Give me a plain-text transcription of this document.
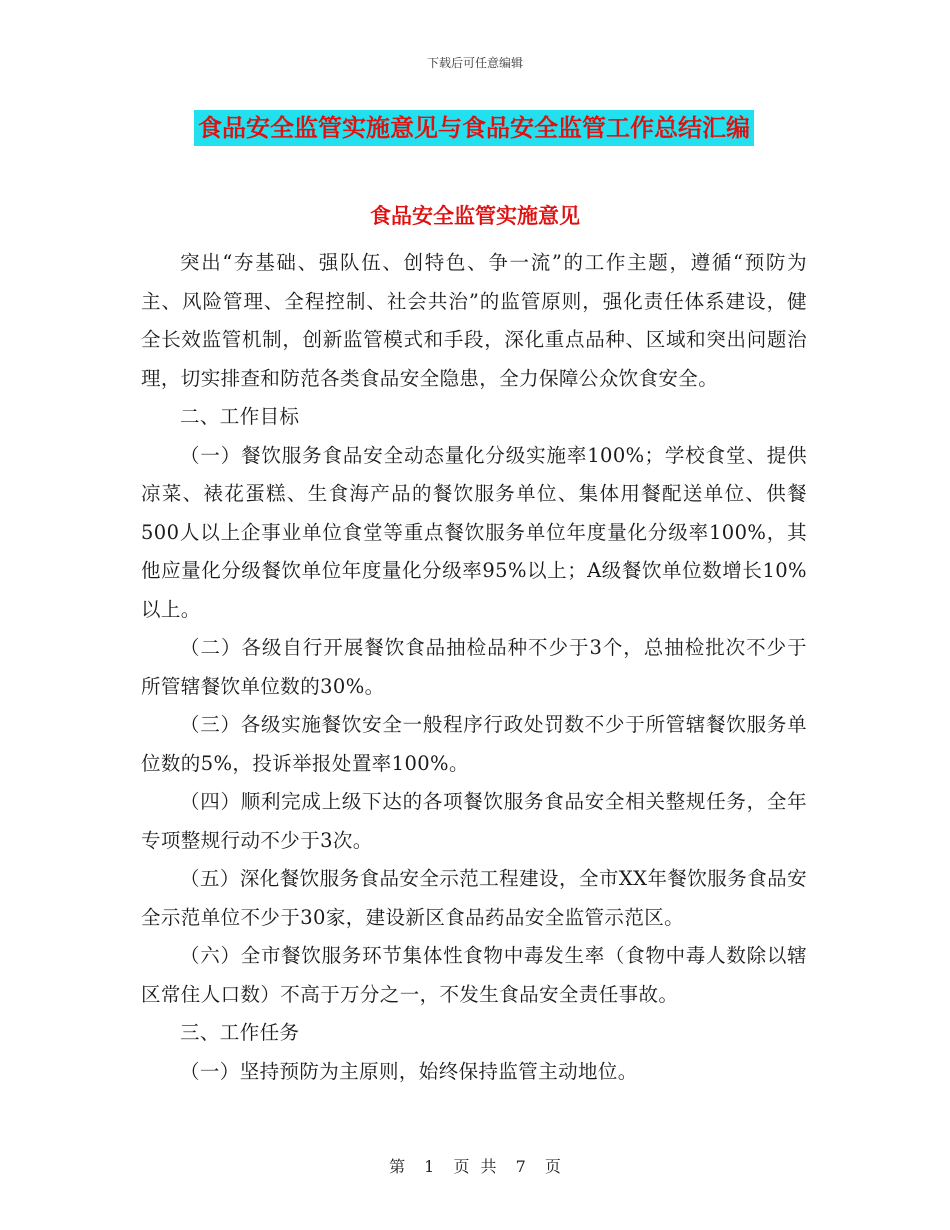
下载后可任意编辑
食品安全监管实施意见与食品安全监管工作总结汇编
食品安全监管实施意见

突出“夯基础、强队伍、创特色、争一流”的工作主题，遵循“预防为主、风险管理、全程控制、社会共治”的监管原则，强化责任体系建设，健全长效监管机制，创新监管模式和手段，深化重点品种、区域和突出问题治理，切实排查和防范各类食品安全隐患，全力保障公众饮食安全。

二、工作目标

（一）餐饮服务食品安全动态量化分级实施率100%；学校食堂、提供凉菜、裱花蛋糕、生食海产品的餐饮服务单位、集体用餐配送单位、供餐500人以上企事业单位食堂等重点餐饮服务单位年度量化分级率100%，其他应量化分级餐饮单位年度量化分级率95%以上；A级餐饮单位数增长10%以上。

（二）各级自行开展餐饮食品抽检品种不少于3个，总抽检批次不少于所管辖餐饮单位数的30%。

（三）各级实施餐饮安全一般程序行政处罚数不少于所管辖餐饮服务单位数的5%，投诉举报处置率100%。

（四）顺利完成上级下达的各项餐饮服务食品安全相关整规任务，全年专项整规行动不少于3次。

（五）深化餐饮服务食品安全示范工程建设，全市XX年餐饮服务食品安全示范单位不少于30家，建设新区食品药品安全监管示范区。

（六）全市餐饮服务环节集体性食物中毒发生率（食物中毒人数除以辖区常住人口数）不高于万分之一，不发生食品安全责任事故。

三、工作任务

（一）坚持预防为主原则，始终保持监管主动地位。

第 1 页 共 7 页
